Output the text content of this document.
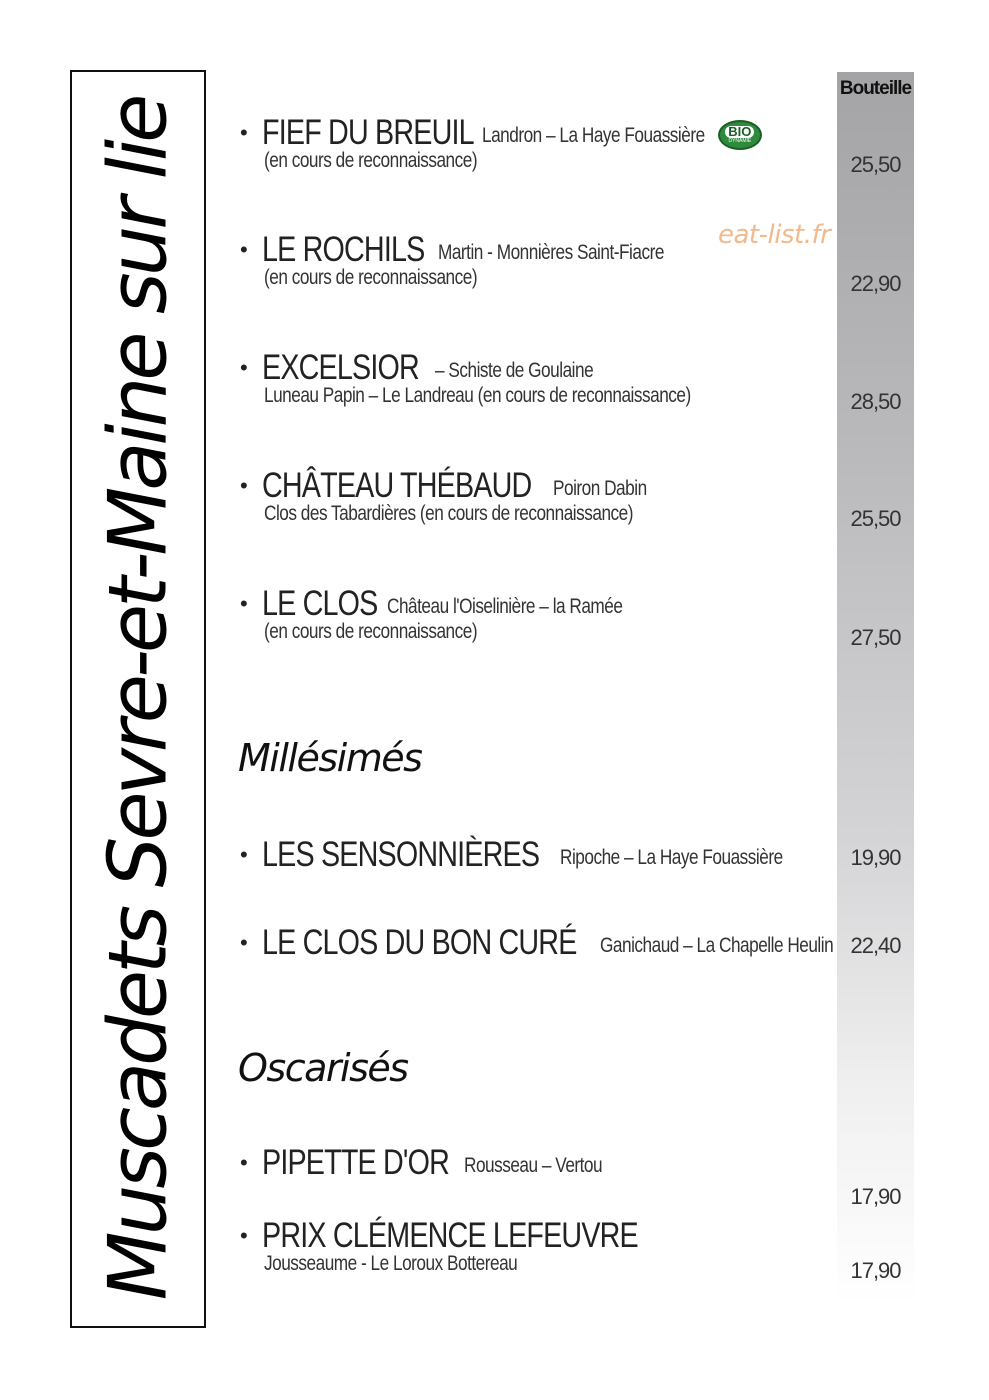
Muscadets Sevre-et-Maine sur lie
Bouteille
eat-list.fr
• FIEF DU BREUIL Landron – La Haye Fouassière BIO
DYNAMIE
(en cours de reconnaissance)	25,50
• LE ROCHILS Martin - Monnières Saint-Fiacre
(en cours de reconnaissance)	22,90
• EXCELSIOR – Schiste de Goulaine
Luneau Papin – Le Landreau (en cours de reconnaissance)	28,50
• CHÂTEAU THÉBAUD Poiron Dabin
Clos des Tabardières (en cours de reconnaissance)	25,50
• LE CLOS Château l'Oiselinière – la Ramée
(en cours de reconnaissance)	27,50
Millésimés
• LES SENSONNIÈRES Ripoche – La Haye Fouassière	19,90
• LE CLOS DU BON CURÉ Ganichaud – La Chapelle Heulin 22,40
Oscarisés
• PIPETTE D'OR Rousseau – Vertou
17,90
• PRIX CLÉMENCE LEFEUVRE
Jousseaume - Le Loroux Bottereau	17,90
